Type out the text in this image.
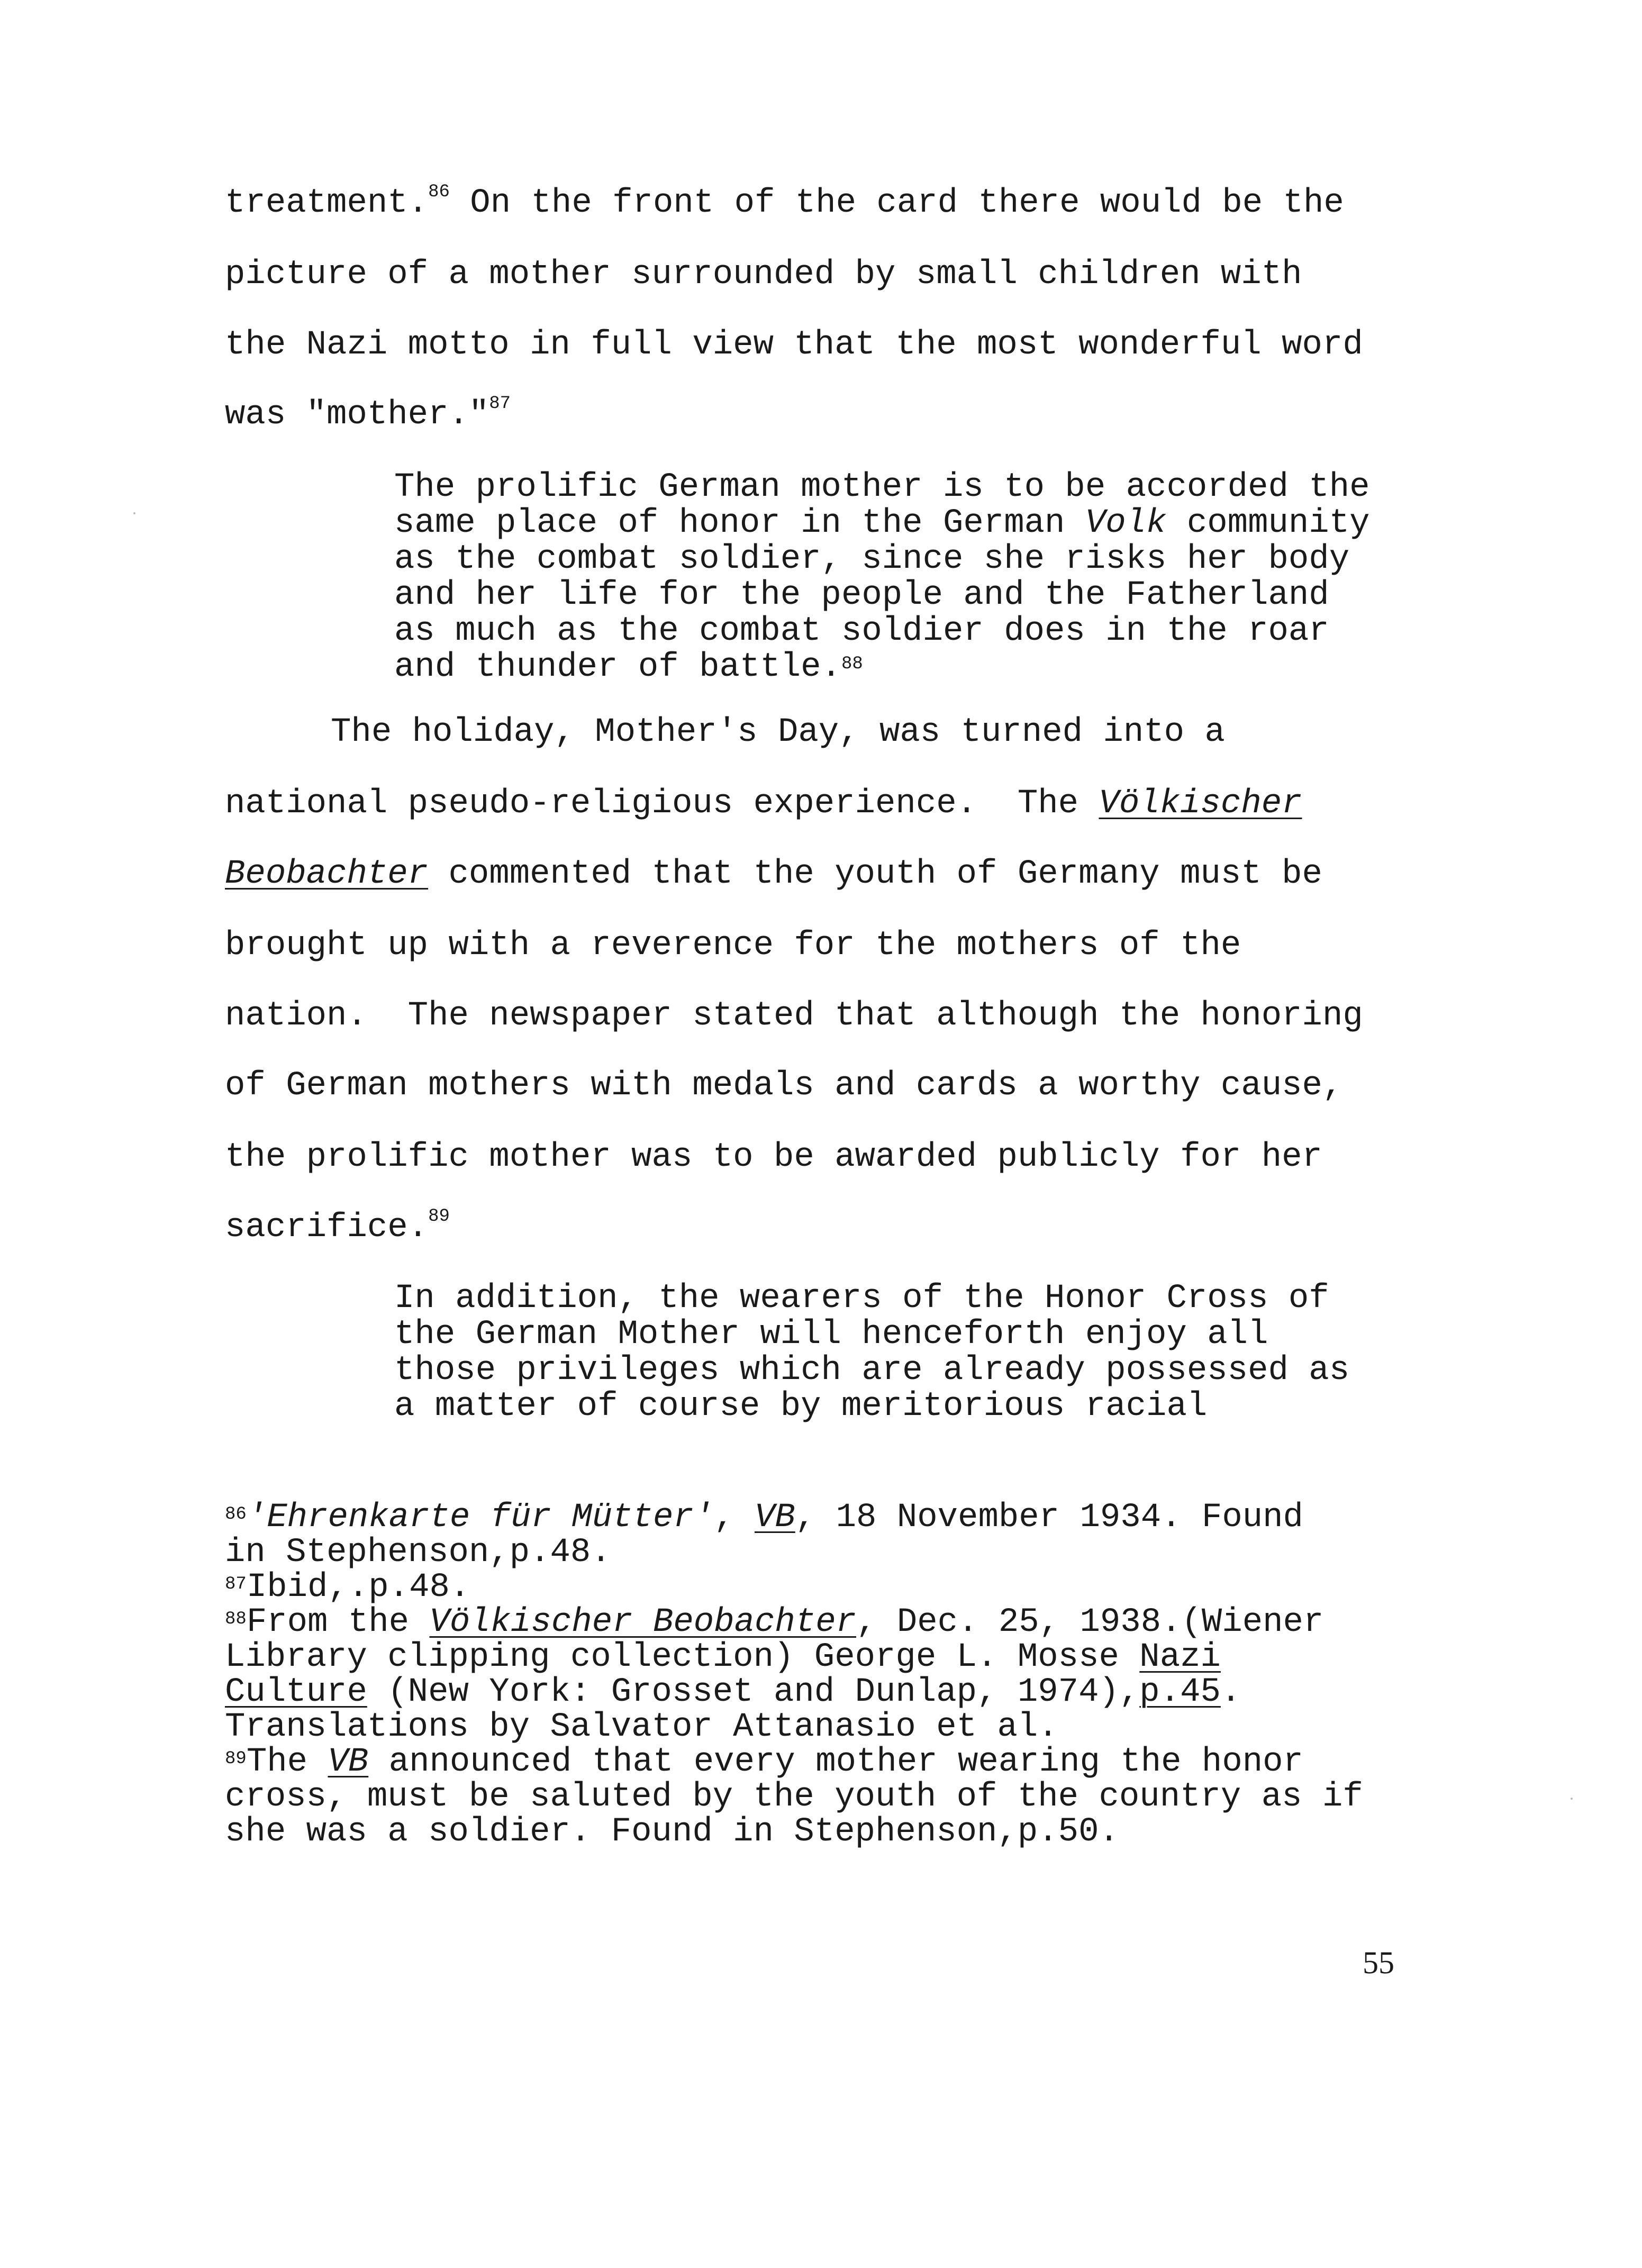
treatment.$^{86}$ On the front of the card there would be the
picture of a mother surrounded by small children with
the Nazi motto in full view that the most wonderful word
was "mother."$^{87}$

The prolific German mother is to be accorded the

same place of honor in the German Volk community

as the combat soldier, since she risks her body

and her life for the people and the Fatherland

as much as the combat soldier does in the roar

and thunder of battle.$^{88}$

The holiday, Mother's Day, was turned into a
national pseudo-religious experience.  The Völkischer
Beobachter commented that the youth of Germany must be
brought up with a reverence for the mothers of the
nation.  The newspaper stated that although the honoring
of German mothers with medals and cards a worthy cause,
the prolific mother was to be awarded publicly for her
sacrifice.$^{89}$

In addition, the wearers of the Honor Cross of

the German Mother will henceforth enjoy all

those privileges which are already possessed as

a matter of course by meritorious racial

$^{86}$'Ehrenkarte für Mütter', VB, 18 November 1934. Found

in Stephenson,p.48.

$^{87}$Ibid,.p.48.

$^{88}$From the Völkischer Beobachter, Dec. 25, 1938.(Wiener

Library clipping collection) George L. Mosse Nazi

Culture (New York: Grosset and Dunlap, 1974),p.45.

Translations by Salvator Attanasio et al.

$^{89}$The VB announced that every mother wearing the honor

cross, must be saluted by the youth of the country as if

she was a soldier. Found in Stephenson,p.50.

55
